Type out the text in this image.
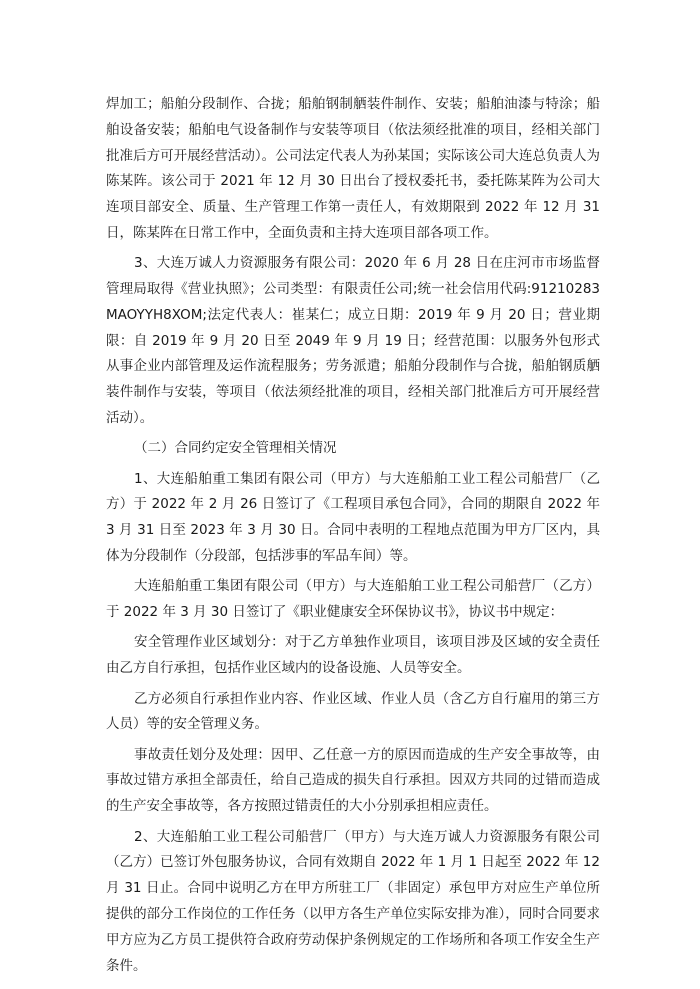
焊加工；船舶分段制作、合拢；船舶钢制舾装件制作、安装；船舶油漆与特涂；船舶设备安装；船舶电气设备制作与安装等项目（依法须经批准的项目，经相关部门批准后方可开展经营活动）。公司法定代表人为孙某国；实际该公司大连总负责人为陈某阵。该公司于 2021 年 12 月 30 日出台了授权委托书，委托陈某阵为公司大连项目部安全、质量、生产管理工作第一责任人，有效期限到 2022 年 12 月 31 日，陈某阵在日常工作中，全面负责和主持大连项目部各项工作。

3、大连万诚人力资源服务有限公司：2020 年 6 月 28 日在庄河市市场监督管理局取得《营业执照》；公司类型：有限责任公司;统一社会信用代码:91210283MAOYYH8XOM;法定代表人：崔某仁；成立日期：2019 年 9 月 20 日；营业期限：自 2019 年 9 月 20 日至 2049 年 9 月 19 日；经营范围：以服务外包形式从事企业内部管理及运作流程服务；劳务派遣；船舶分段制作与合拢，船舶钢质舾装件制作与安装，等项目（依法须经批准的项目，经相关部门批准后方可开展经营活动）。

（二）合同约定安全管理相关情况

1、大连船舶重工集团有限公司（甲方）与大连船舶工业工程公司船营厂（乙方）于 2022 年 2 月 26 日签订了《工程项目承包合同》，合同的期限自 2022 年 3 月 31 日至 2023 年 3 月 30 日。合同中表明的工程地点范围为甲方厂区内，具体为分段制作（分段部，包括涉事的军品车间）等。

大连船舶重工集团有限公司（甲方）与大连船舶工业工程公司船营厂（乙方）于 2022 年 3 月 30 日签订了《职业健康安全环保协议书》，协议书中规定：

安全管理作业区域划分：对于乙方单独作业项目，该项目涉及区域的安全责任由乙方自行承担，包括作业区域内的设备设施、人员等安全。

乙方必须自行承担作业内容、作业区域、作业人员（含乙方自行雇用的第三方人员）等的安全管理义务。

事故责任划分及处理：因甲、乙任意一方的原因而造成的生产安全事故等，由事故过错方承担全部责任，给自己造成的损失自行承担。因双方共同的过错而造成的生产安全事故等，各方按照过错责任的大小分别承担相应责任。

2、大连船舶工业工程公司船营厂（甲方）与大连万诚人力资源服务有限公司（乙方）已签订外包服务协议，合同有效期自 2022 年 1 月 1 日起至 2022 年 12 月 31 日止。合同中说明乙方在甲方所驻工厂（非固定）承包甲方对应生产单位所提供的部分工作岗位的工作任务（以甲方各生产单位实际安排为准），同时合同要求甲方应为乙方员工提供符合政府劳动保护条例规定的工作场所和各项工作安全生产条件。
